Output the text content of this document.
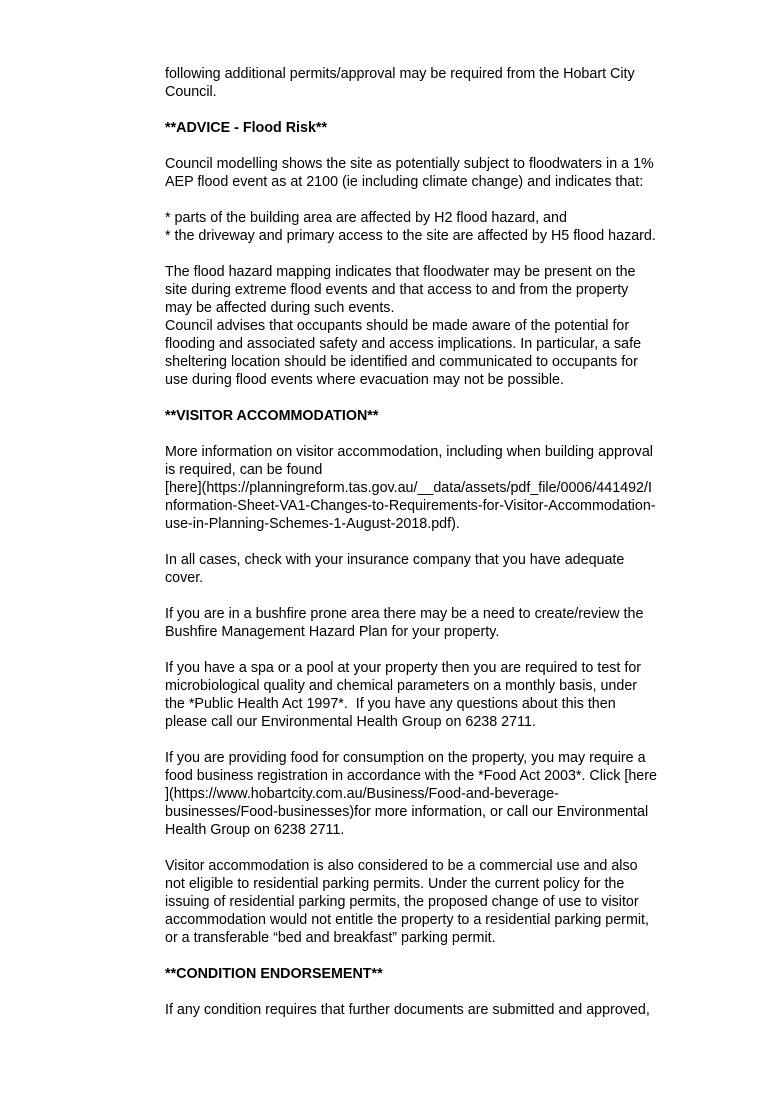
following additional permits/approval may be required from the Hobart City
Council.

**ADVICE - Flood Risk**

Council modelling shows the site as potentially subject to floodwaters in a 1%
AEP flood event as at 2100 (ie including climate change) and indicates that:

* parts of the building area are affected by H2 flood hazard, and

* the driveway and primary access to the site are affected by H5 flood hazard.

The flood hazard mapping indicates that floodwater may be present on the
site during extreme flood events and that access to and from the property
may be affected during such events.

Council advises that occupants should be made aware of the potential for
flooding and associated safety and access implications. In particular, a safe
sheltering location should be identified and communicated to occupants for
use during flood events where evacuation may not be possible.

**VISITOR ACCOMMODATION**

More information on visitor accommodation, including when building approval
is required, can be found
[here](https://planningreform.tas.gov.au/__data/assets/pdf_file/0006/441492/I
nformation-Sheet-VA1-Changes-to-Requirements-for-Visitor-Accommodation-
use-in-Planning-Schemes-1-August-2018.pdf).

In all cases, check with your insurance company that you have adequate
cover.

If you are in a bushfire prone area there may be a need to create/review the
Bushfire Management Hazard Plan for your property.

If you have a spa or a pool at your property then you are required to test for
microbiological quality and chemical parameters on a monthly basis, under
the *Public Health Act 1997*.  If you have any questions about this then
please call our Environmental Health Group on 6238 2711.

If you are providing food for consumption on the property, you may require a
food business registration in accordance with the *Food Act 2003*. Click [here
](https://www.hobartcity.com.au/Business/Food-and-beverage-
businesses/Food-businesses)for more information, or call our Environmental
Health Group on 6238 2711.

Visitor accommodation is also considered to be a commercial use and also
not eligible to residential parking permits. Under the current policy for the
issuing of residential parking permits, the proposed change of use to visitor
accommodation would not entitle the property to a residential parking permit,
or a transferable “bed and breakfast” parking permit.

**CONDITION ENDORSEMENT**

If any condition requires that further documents are submitted and approved,
